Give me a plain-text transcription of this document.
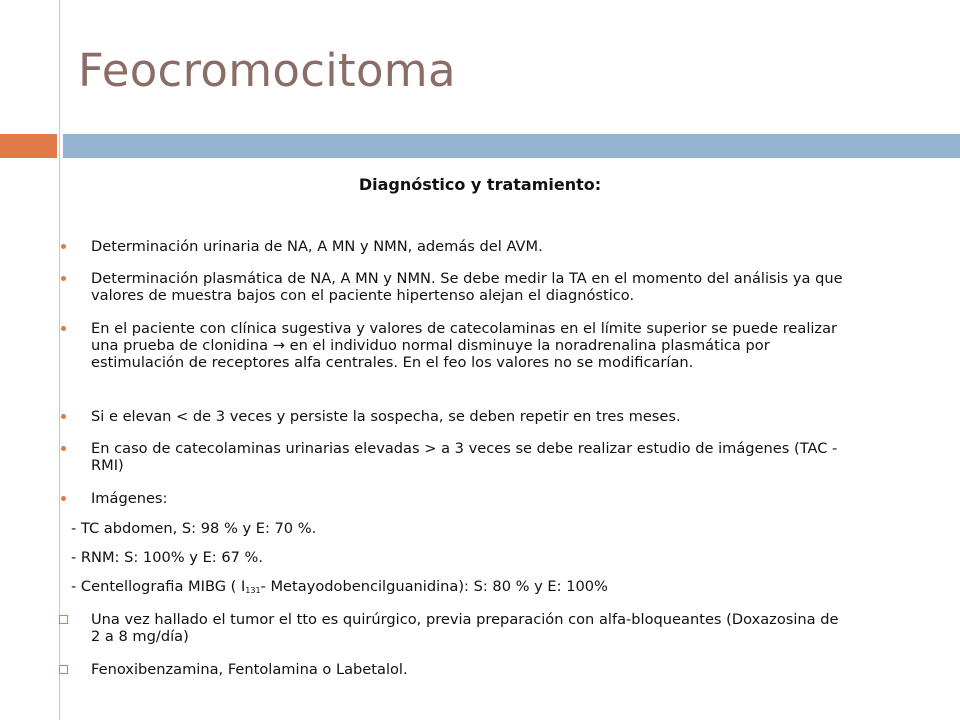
Feocromocitoma

Diagnóstico y tratamiento:

Determinación urinaria de NA, A MN y NMN, además del AVM.
Determinación plasmática de NA, A MN y NMN. Se debe medir la TA en el momento del análisis ya que valores de muestra bajos con el paciente hipertenso alejan el diagnóstico.
En el paciente con clínica sugestiva y valores de catecolaminas en el límite superior se puede realizar una prueba de clonidina → en el individuo normal disminuye la noradrenalina plasmática por estimulación de receptores alfa centrales. En el feo los valores no se modificarían.
Si e elevan < de 3 veces y persiste la sospecha, se deben repetir en tres meses.
En caso de catecolaminas urinarias elevadas > a 3 veces se debe realizar estudio de imágenes (TAC - RMI)
Imágenes:
- TC abdomen, S: 98 % y E: 70 %.
- RNM: S: 100% y E: 67 %.
- Centellografia MIBG ( $I_{131}-$ Metayodobencilguanidina): S: 80 % y E: 100%
Una vez hallado el tumor el tto es quirúrgico, previa preparación con alfa-bloqueantes (Doxazosina de 2 a 8 mg/día)
Fenoxibenzamina, Fentolamina o Labetalol.
